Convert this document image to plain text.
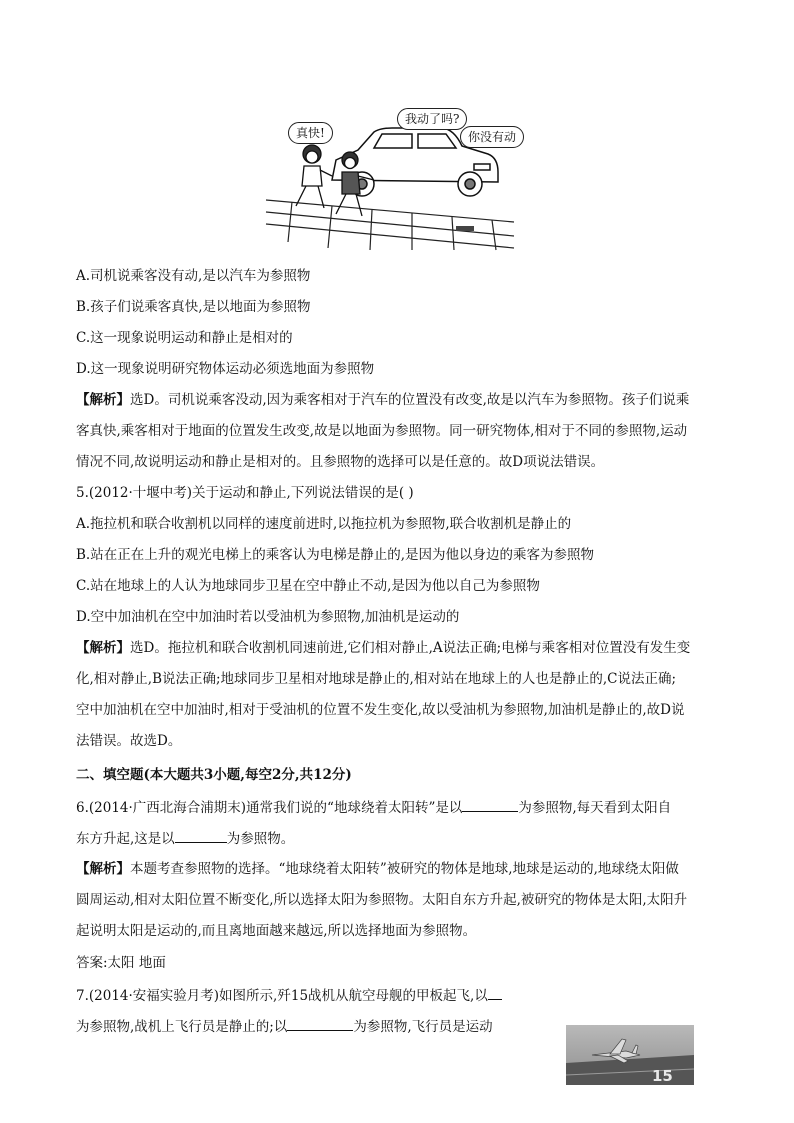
真快!
我动了吗?
你没有动
A.司机说乘客没有动,是以汽车为参照物
B.孩子们说乘客真快,是以地面为参照物
C.这一现象说明运动和静止是相对的
D.这一现象说明研究物体运动必须选地面为参照物
【解析】选D。司机说乘客没动,因为乘客相对于汽车的位置没有改变,故是以汽车为参照物。孩子们说乘
客真快,乘客相对于地面的位置发生改变,故是以地面为参照物。同一研究物体,相对于不同的参照物,运动
情况不同,故说明运动和静止是相对的。且参照物的选择可以是任意的。故D项说法错误。
5.(2012·十堰中考)关于运动和静止,下列说法错误的是( )
A.拖拉机和联合收割机以同样的速度前进时,以拖拉机为参照物,联合收割机是静止的
B.站在正在上升的观光电梯上的乘客认为电梯是静止的,是因为他以身边的乘客为参照物
C.站在地球上的人认为地球同步卫星在空中静止不动,是因为他以自己为参照物
D.空中加油机在空中加油时若以受油机为参照物,加油机是运动的
【解析】选D。拖拉机和联合收割机同速前进,它们相对静止,A说法正确;电梯与乘客相对位置没有发生变
化,相对静止,B说法正确;地球同步卫星相对地球是静止的,相对站在地球上的人也是静止的,C说法正确;
空中加油机在空中加油时,相对于受油机的位置不发生变化,故以受油机为参照物,加油机是静止的,故D说
法错误。故选D。
二、填空题(本大题共3小题,每空2分,共12分)
6.(2014·广西北海合浦期末)通常我们说的“地球绕着太阳转”是以	为参照物,每天看到太阳自
东方升起,这是以	为参照物。
【解析】本题考查参照物的选择。“地球绕着太阳转”被研究的物体是地球,地球是运动的,地球绕太阳做
圆周运动,相对太阳位置不断变化,所以选择太阳为参照物。太阳自东方升起,被研究的物体是太阳,太阳升
起说明太阳是运动的,而且离地面越来越远,所以选择地面为参照物。
答案:太阳 地面
7.(2014·安福实验月考)如图所示,歼15战机从航空母舰的甲板起飞,以
为参照物,战机上飞行员是静止的;以	为参照物,飞行员是运动
15
